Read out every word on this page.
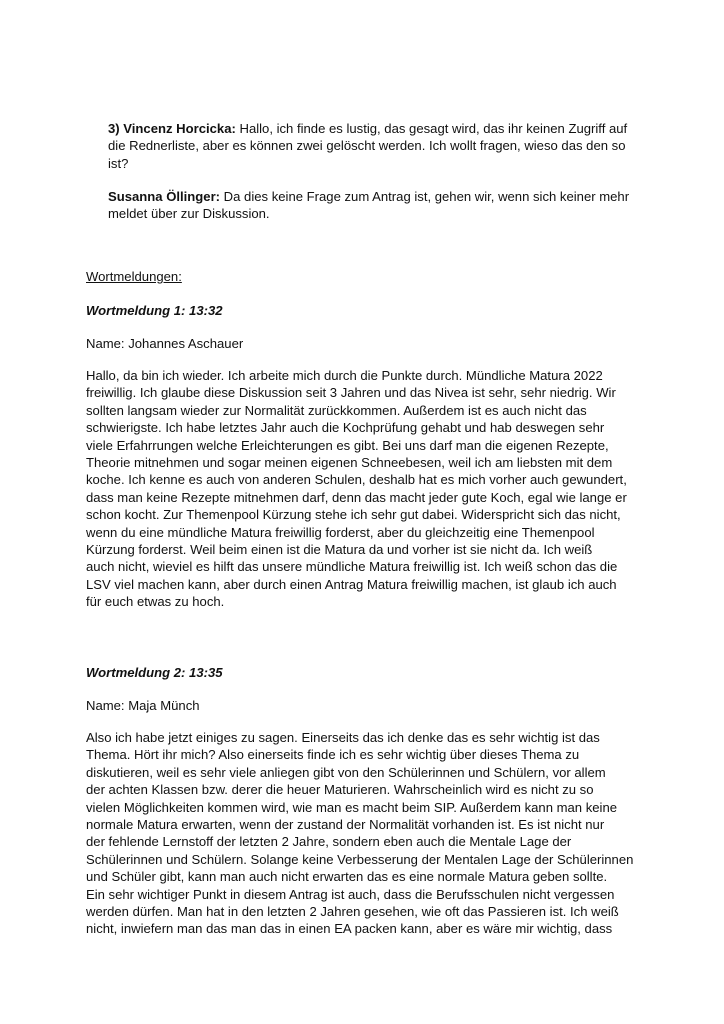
3) Vincenz Horcicka: Hallo, ich finde es lustig, das gesagt wird, das ihr keinen Zugriff auf
die Rednerliste, aber es können zwei gelöscht werden. Ich wollt fragen, wieso das den so
ist?
Susanna Öllinger: Da dies keine Frage zum Antrag ist, gehen wir, wenn sich keiner mehr
meldet über zur Diskussion.
Wortmeldungen:
Wortmeldung 1: 13:32
Name: Johannes Aschauer
Hallo, da bin ich wieder. Ich arbeite mich durch die Punkte durch. Mündliche Matura 2022
freiwillig. Ich glaube diese Diskussion seit 3 Jahren und das Nivea ist sehr, sehr niedrig. Wir
sollten langsam wieder zur Normalität zurückkommen. Außerdem ist es auch nicht das
schwierigste. Ich habe letztes Jahr auch die Kochprüfung gehabt und hab deswegen sehr
viele Erfahrrungen welche Erleichterungen es gibt. Bei uns darf man die eigenen Rezepte,
Theorie mitnehmen und sogar meinen eigenen Schneebesen, weil ich am liebsten mit dem
koche. Ich kenne es auch von anderen Schulen, deshalb hat es mich vorher auch gewundert,
dass man keine Rezepte mitnehmen darf, denn das macht jeder gute Koch, egal wie lange er
schon kocht. Zur Themenpool Kürzung stehe ich sehr gut dabei. Widerspricht sich das nicht,
wenn du eine mündliche Matura freiwillig forderst, aber du gleichzeitig eine Themenpool
Kürzung forderst. Weil beim einen ist die Matura da und vorher ist sie nicht da. Ich weiß
auch nicht, wieviel es hilft das unsere mündliche Matura freiwillig ist. Ich weiß schon das die
LSV viel machen kann, aber durch einen Antrag Matura freiwillig machen, ist glaub ich auch
für euch etwas zu hoch.
Wortmeldung 2: 13:35
Name: Maja Münch
Also ich habe jetzt einiges zu sagen. Einerseits das ich denke das es sehr wichtig ist das
Thema. Hört ihr mich? Also einerseits finde ich es sehr wichtig über dieses Thema zu
diskutieren, weil es sehr viele anliegen gibt von den Schülerinnen und Schülern, vor allem
der achten Klassen bzw. derer die heuer Maturieren. Wahrscheinlich wird es nicht zu so
vielen Möglichkeiten kommen wird, wie man es macht beim SIP. Außerdem kann man keine
normale Matura erwarten, wenn der zustand der Normalität vorhanden ist. Es ist nicht nur
der fehlende Lernstoff der letzten 2 Jahre, sondern eben auch die Mentale Lage der
Schülerinnen und Schülern. Solange keine Verbesserung der Mentalen Lage der Schülerinnen
und Schüler gibt, kann man auch nicht erwarten das es eine normale Matura geben sollte.
Ein sehr wichtiger Punkt in diesem Antrag ist auch, dass die Berufsschulen nicht vergessen
werden dürfen. Man hat in den letzten 2 Jahren gesehen, wie oft das Passieren ist. Ich weiß
nicht, inwiefern man das man das in einen EA packen kann, aber es wäre mir wichtig, dass
